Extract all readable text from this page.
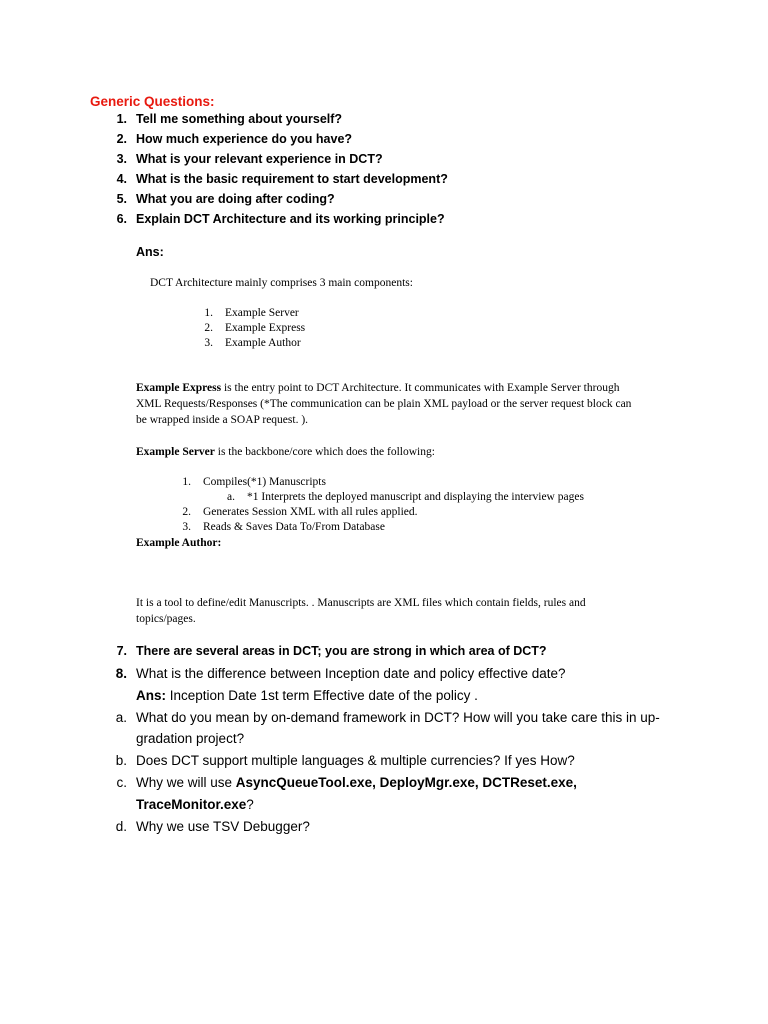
Generic Questions:
1. Tell me something about yourself?
2. How much experience do you have?
3. What is your relevant experience in DCT?
4. What is the basic requirement to start development?
5. What you are doing after coding?
6. Explain DCT Architecture and its working principle?
Ans:
DCT Architecture mainly comprises 3 main components:
1. Example Server
2. Example Express
3. Example Author
Example Express is the entry point to DCT Architecture. It communicates with Example Server through
XML Requests/Responses (*The communication can be plain XML payload or the server request block can
be wrapped inside a SOAP request. ).
Example Server is the backbone/core which does the following:
1. Compiles(*1) Manuscripts
a. *1 Interprets the deployed manuscript and displaying the interview pages
2. Generates Session XML with all rules applied.
3. Reads & Saves Data To/From Database
Example Author:
It is a tool to define/edit Manuscripts. . Manuscripts are XML files which contain fields, rules and
topics/pages.
7. There are several areas in DCT; you are strong in which area of DCT?
8. What is the difference between Inception date and policy effective date?
Ans: Inception Date 1st term Effective date of the policy .
a. What do you mean by on-demand framework in DCT? How will you take care this in up-
gradation project?
b. Does DCT support multiple languages & multiple currencies? If yes How?
c. Why we will use AsyncQueueTool.exe, DeployMgr.exe, DCTReset.exe,
TraceMonitor.exe?
d. Why we use TSV Debugger?
